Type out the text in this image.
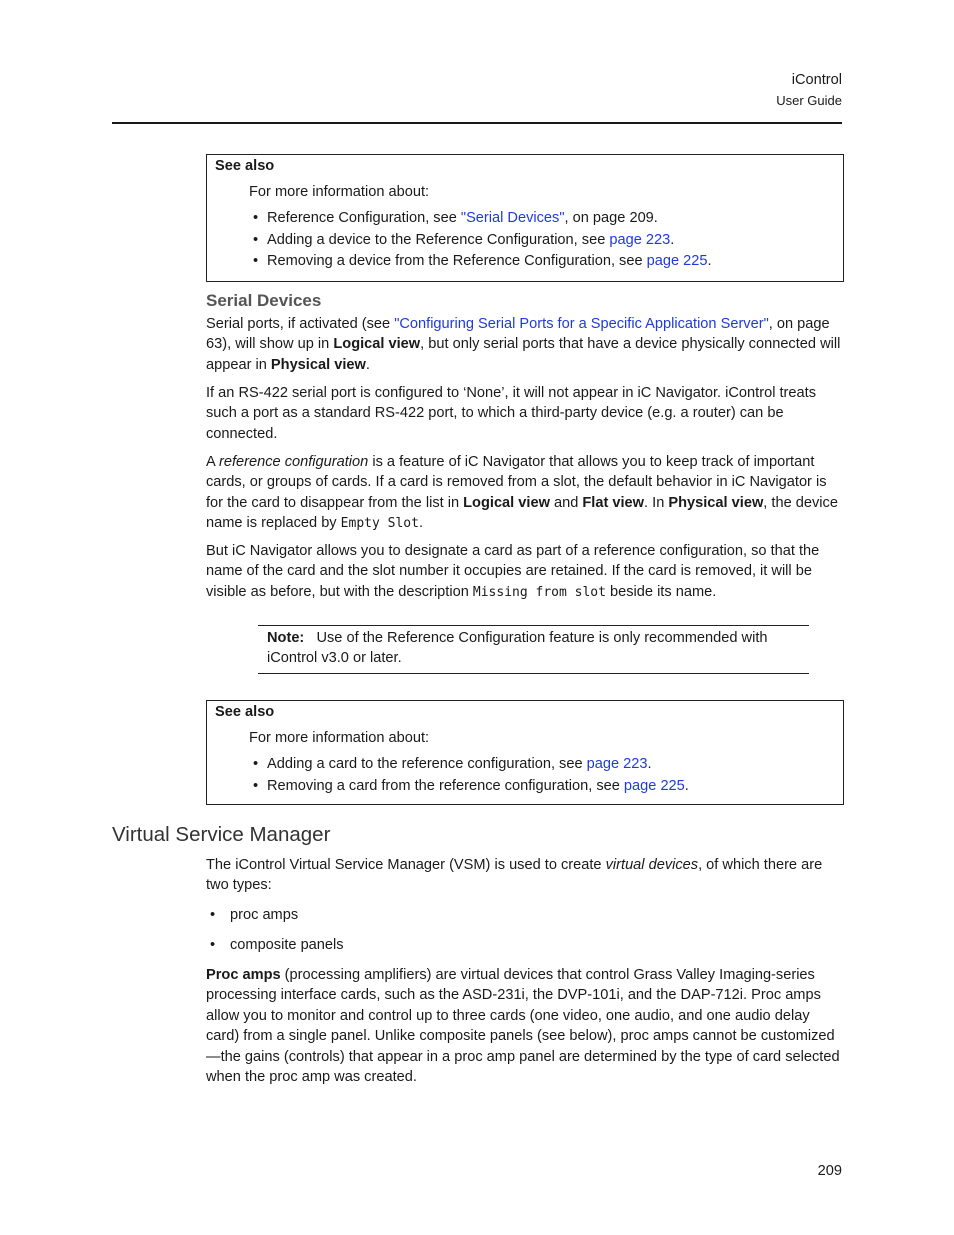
iControl
User Guide
See also
For more information about:
• Reference Configuration, see "Serial Devices", on page 209.
• Adding a device to the Reference Configuration, see page 223.
• Removing a device from the Reference Configuration, see page 225.
Serial Devices

Serial ports, if activated (see "Configuring Serial Ports for a Specific Application Server", on page 63), will show up in Logical view, but only serial ports that have a device physically connected will appear in Physical view.

If an RS-422 serial port is configured to ‘None’, it will not appear in iC Navigator. iControl treats such a port as a standard RS-422 port, to which a third-party device (e.g. a router) can be connected.

A reference configuration is a feature of iC Navigator that allows you to keep track of important cards, or groups of cards. If a card is removed from a slot, the default behavior in iC Navigator is for the card to disappear from the list in Logical view and Flat view. In Physical view, the device name is replaced by Empty Slot.

But iC Navigator allows you to designate a card as part of a reference configuration, so that the name of the card and the slot number it occupies are retained. If the card is removed, it will be visible as before, but with the description Missing from slot beside its name.

Note: Use of the Reference Configuration feature is only recommended with iControl v3.0 or later.
See also
For more information about:
• Adding a card to the reference configuration, see page 223.
• Removing a card from the reference configuration, see page 225.
Virtual Service Manager

The iControl Virtual Service Manager (VSM) is used to create virtual devices, of which there are two types:

• proc amps
• composite panels

Proc amps (processing amplifiers) are virtual devices that control Grass Valley Imaging-series processing interface cards, such as the ASD-231i, the DVP-101i, and the DAP-712i. Proc amps allow you to monitor and control up to three cards (one video, one audio, and one audio delay card) from a single panel. Unlike composite panels (see below), proc amps cannot be customized—the gains (controls) that appear in a proc amp panel are determined by the type of card selected when the proc amp was created.

209
